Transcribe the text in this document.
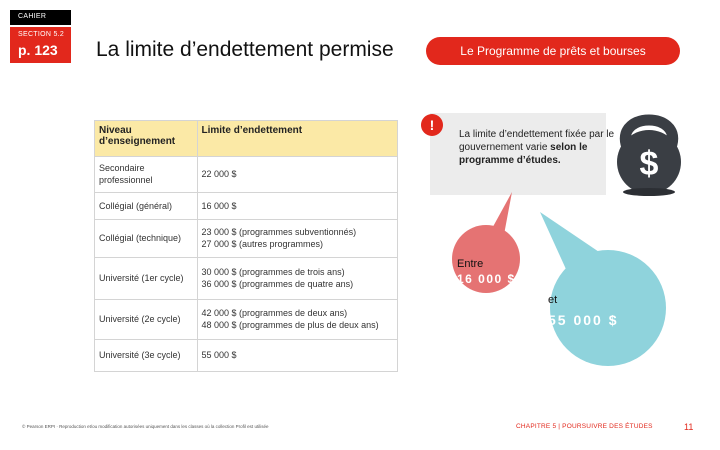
CAHIER
SECTION 5.2
p. 123 La limite d’endettement permise	Le Programme de prêts et bourses
Niveau d’enseignement	Limite d’endettement
Secondaire professionnel	22 000 $

Collégial (général)	16 000 $

Collégial (technique)	23 000 $ (programmes subventionnés)
27 000 $ (autres programmes)

Université (1er cycle)	30 000 $ (programmes de trois ans)
36 000 $ (programmes de quatre ans)

Université (2e cycle)	42 000 $ (programmes de deux ans)
48 000 $ (programmes de plus de deux ans)

Université (3e cycle)	55 000 $
!
La limite d’endettement fixée par le gouvernement varie selon le programme d’études.	$
Entre
16 000 $
et
55 000 $
© Pearson ERPI · Reproduction et/ou modification autorisées uniquement dans les classes où la collection Profil est utilisée	CHAPITRE 5 | POURSUIVRE DES ÉTUDES	11
